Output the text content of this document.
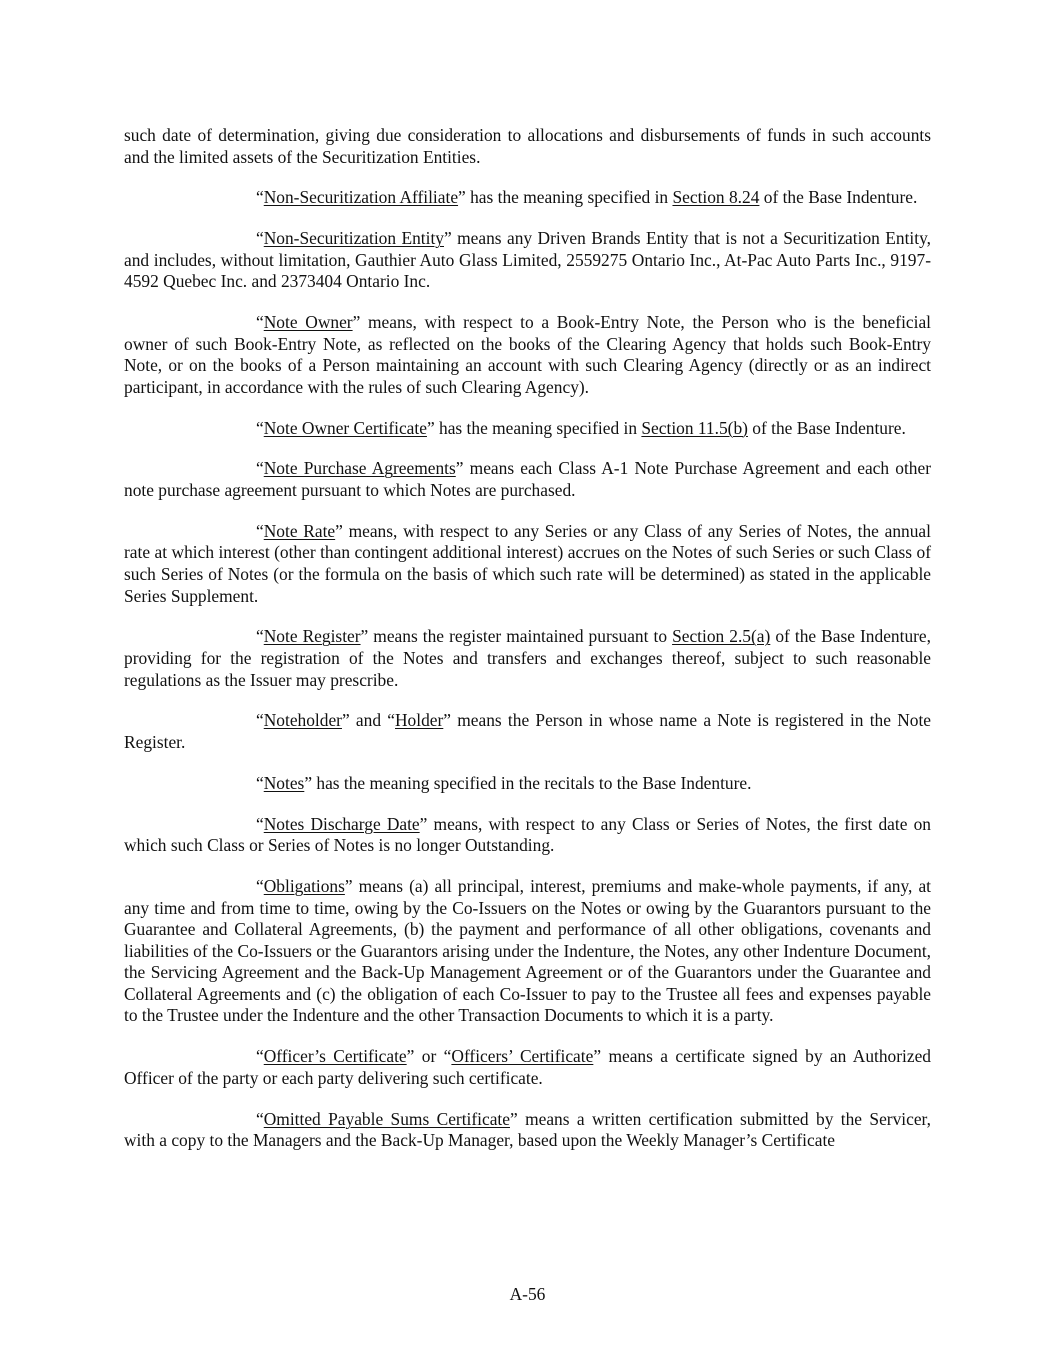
such date of determination, giving due consideration to allocations and disbursements of funds in such accounts and the limited assets of the Securitization Entities.

“Non-Securitization Affiliate” has the meaning specified in Section 8.24 of the Base Indenture.

“Non-Securitization Entity” means any Driven Brands Entity that is not a Securitization Entity, and includes, without limitation, Gauthier Auto Glass Limited, 2559275 Ontario Inc., At-Pac Auto Parts Inc., 9197-4592 Quebec Inc. and 2373404 Ontario Inc.

“Note Owner” means, with respect to a Book-Entry Note, the Person who is the beneficial owner of such Book-Entry Note, as reflected on the books of the Clearing Agency that holds such Book-Entry Note, or on the books of a Person maintaining an account with such Clearing Agency (directly or as an indirect participant, in accordance with the rules of such Clearing Agency).

“Note Owner Certificate” has the meaning specified in Section 11.5(b) of the Base Indenture.

“Note Purchase Agreements” means each Class A-1 Note Purchase Agreement and each other note purchase agreement pursuant to which Notes are purchased.

“Note Rate” means, with respect to any Series or any Class of any Series of Notes, the annual rate at which interest (other than contingent additional interest) accrues on the Notes of such Series or such Class of such Series of Notes (or the formula on the basis of which such rate will be determined) as stated in the applicable Series Supplement.

“Note Register” means the register maintained pursuant to Section 2.5(a) of the Base Indenture, providing for the registration of the Notes and transfers and exchanges thereof, subject to such reasonable regulations as the Issuer may prescribe.

“Noteholder” and “Holder” means the Person in whose name a Note is registered in the Note Register.

“Notes” has the meaning specified in the recitals to the Base Indenture.

“Notes Discharge Date” means, with respect to any Class or Series of Notes, the first date on which such Class or Series of Notes is no longer Outstanding.

“Obligations” means (a) all principal, interest, premiums and make-whole payments, if any, at any time and from time to time, owing by the Co-Issuers on the Notes or owing by the Guarantors pursuant to the Guarantee and Collateral Agreements, (b) the payment and performance of all other obligations, covenants and liabilities of the Co-Issuers or the Guarantors arising under the Indenture, the Notes, any other Indenture Document, the Servicing Agreement and the Back-Up Management Agreement or of the Guarantors under the Guarantee and Collateral Agreements and (c) the obligation of each Co-Issuer to pay to the Trustee all fees and expenses payable to the Trustee under the Indenture and the other Transaction Documents to which it is a party.

“Officer’s Certificate” or “Officers’ Certificate” means a certificate signed by an Authorized Officer of the party or each party delivering such certificate.

“Omitted Payable Sums Certificate” means a written certification submitted by the Servicer, with a copy to the Managers and the Back-Up Manager, based upon the Weekly Manager’s Certificate

A-56
